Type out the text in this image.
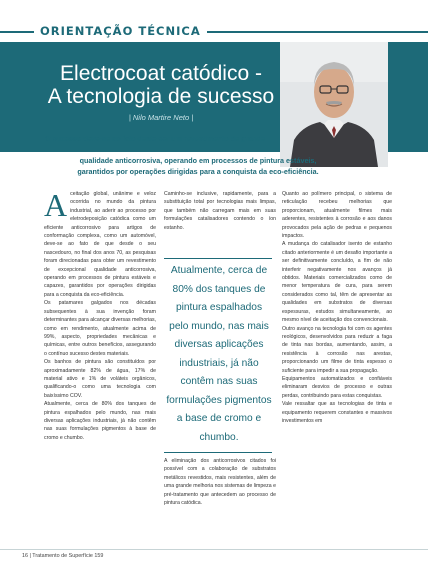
ORIENTAÇÃO TÉCNICA
Electrocoat catódico -
A tecnologia de sucesso
| Nilo Martire Neto |
O sucesso deve-se ao fato deste ser um revestimento de grande
qualidade anticorrosiva, operando em processos de pintura estáveis,
garantidos por operações dirigidas para a conquista da eco-eficiência.
A ceitação global, unânime e veloz ocorrida no mundo da pintura industrial, ao aderir ao processo por eletrodeposição catódica como um eficiente anticorrosivo para artigos de conformação complexa, como um automóvel, deve-se ao fato de que desde o seu nascedouro, no final dos anos 70, as pesquisas foram direcionadas para obter um revestimento de excepcional qualidade anticorrosiva, operando em processos de pintura estáveis e capazes, garantidos por operações dirigidas para a conquista da eco-eficiência.
Os patamares galgados nos décadas subsequentes à sua invenção foram determinantes para alcançar diversas melhorias, como em rendimento, atualmente acima de 99%, aspecto, propriedades mecânicas e químicas, entre outros benefícios, assegurando o contínuo sucesso destes materiais.
Os banhos de pintura são constituídos por aproximadamente 82% de água, 17% de material ativo e 1% de voláteis orgânicos, qualificando-o como uma tecnologia com baixíssimo COV.
Atualmente, cerca de 80% dos tanques de pintura espalhados pelo mundo, nas mais diversas aplicações industriais, já não contêm nas suas formulações pigmentos à base de cromo e chumbo.

Caminho-se inclusive, rapidamente, para a substituição total por tecnologias mais limpas, que também não carregam mais em suas formulações catalisadores contendo o íon estanho.

Atualmente, cerca de
80% dos tanques de
pintura espalhados
pelo mundo, nas mais
diversas aplicações
industriais, já não
contêm nas suas
formulações pigmentos
a base de cromo e
chumbo.

A eliminação dos anticorrosivos citados foi possível com a colaboração de substratos metálicos revestidos, mais resistentes, além de uma grande melhoria nos sistemas de limpeza e pré-tratamento que antecedem ao processo de pintura catódica.

Quanto ao polímero principal, o sistema de reticulação recebeu melhorias que proporcionam, atualmente filmes mais aderentes, resistentes à corrosão e aos danos provocados pela ação de pedras e pequenos impactos.
A mudança do catalisador isento de estanho citado anteriormente é um desafio importante a ser definitivamente concluído, a fim de não interferir negativamente nos avanços já obtidos. Materiais comercializados como de menor temperatura de cura, para serem considerados como tal, têm de apresentar as qualidades em substratos de diversas espessuras, estudos simultaneamente, ao mesmo nível de aceitação dos convencionais.
Outro avanço na tecnologia foi com os agentes reológicos, desenvolvidos para reduzir a faga de tinta nas bordas, aumentando, assim, a resistência à corrosão nas arestas, proporcionando um filme de tinta espesso o suficiente para impedir a sua propagação.
Equipamentos automatizados e confiáveis eliminaram desvios de processo e outras perdas, contribuindo para estas conquistas.
Vale ressaltar que as tecnologias de tinta e equipamento requerem constantes e massivos investimentos em

16 | Tratamento de Superfície 159
